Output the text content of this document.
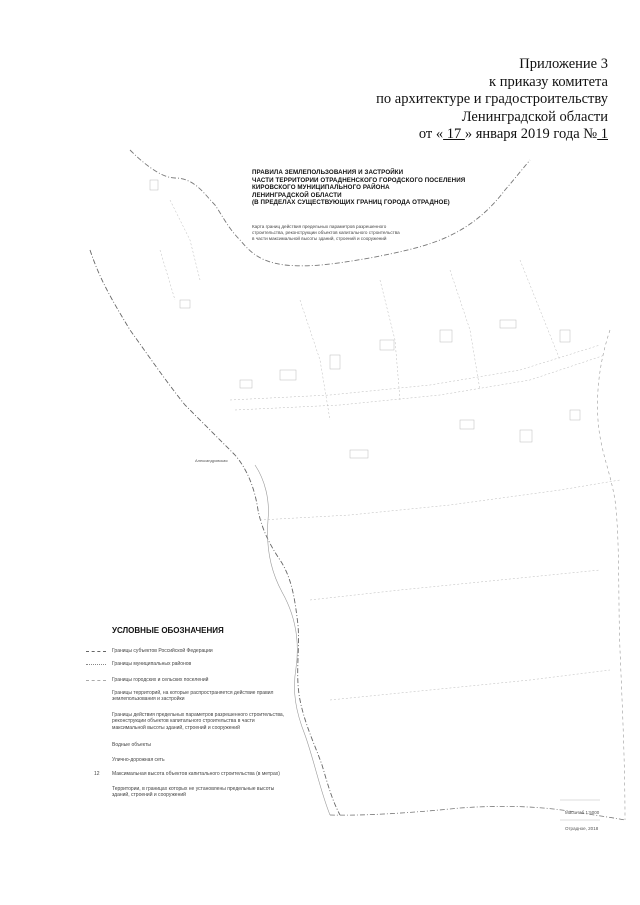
Приложение 3
к приказу комитета
по архитектуре и градостроительству
Ленинградской области
от « 17 » января 2019 года № 1
ПРАВИЛА ЗЕМЛЕПОЛЬЗОВАНИЯ И ЗАСТРОЙКИ
ЧАСТИ ТЕРРИТОРИИ ОТРАДНЕНСКОГО ГОРОДСКОГО ПОСЕЛЕНИЯ
КИРОВСКОГО МУНИЦИПАЛЬНОГО РАЙОНА
ЛЕНИНГРАДСКОЙ ОБЛАСТИ
(В ПРЕДЕЛАХ СУЩЕСТВУЮЩИХ ГРАНИЦ ГОРОДА ОТРАДНОЕ)
Карта границ действия предельных параметров разрешенного строительства, реконструкции объектов капитального строительства в части максимальной высоты зданий, строений и сооружений
Александровская
Масштаб 1:5000
Отрадное, 2018
УСЛОВНЫЕ ОБОЗНАЧЕНИЯ
Границы субъектов Российской Федерации
Границы муниципальных районов
Границы городских и сельских поселений
Границы территорий, на которые распространяется действие правил землепользования и застройки
Границы действия предельных параметров разрешенного строительства, реконструкции объектов капитального строительства в части максимальной высоты зданий, строений и сооружений
Водные объекты
Улично-дорожная сеть
12 Максимальная высота объектов капитального строительства (в метрах)
Территории, в границах которых не установлены предельные высоты зданий, строений и сооружений
